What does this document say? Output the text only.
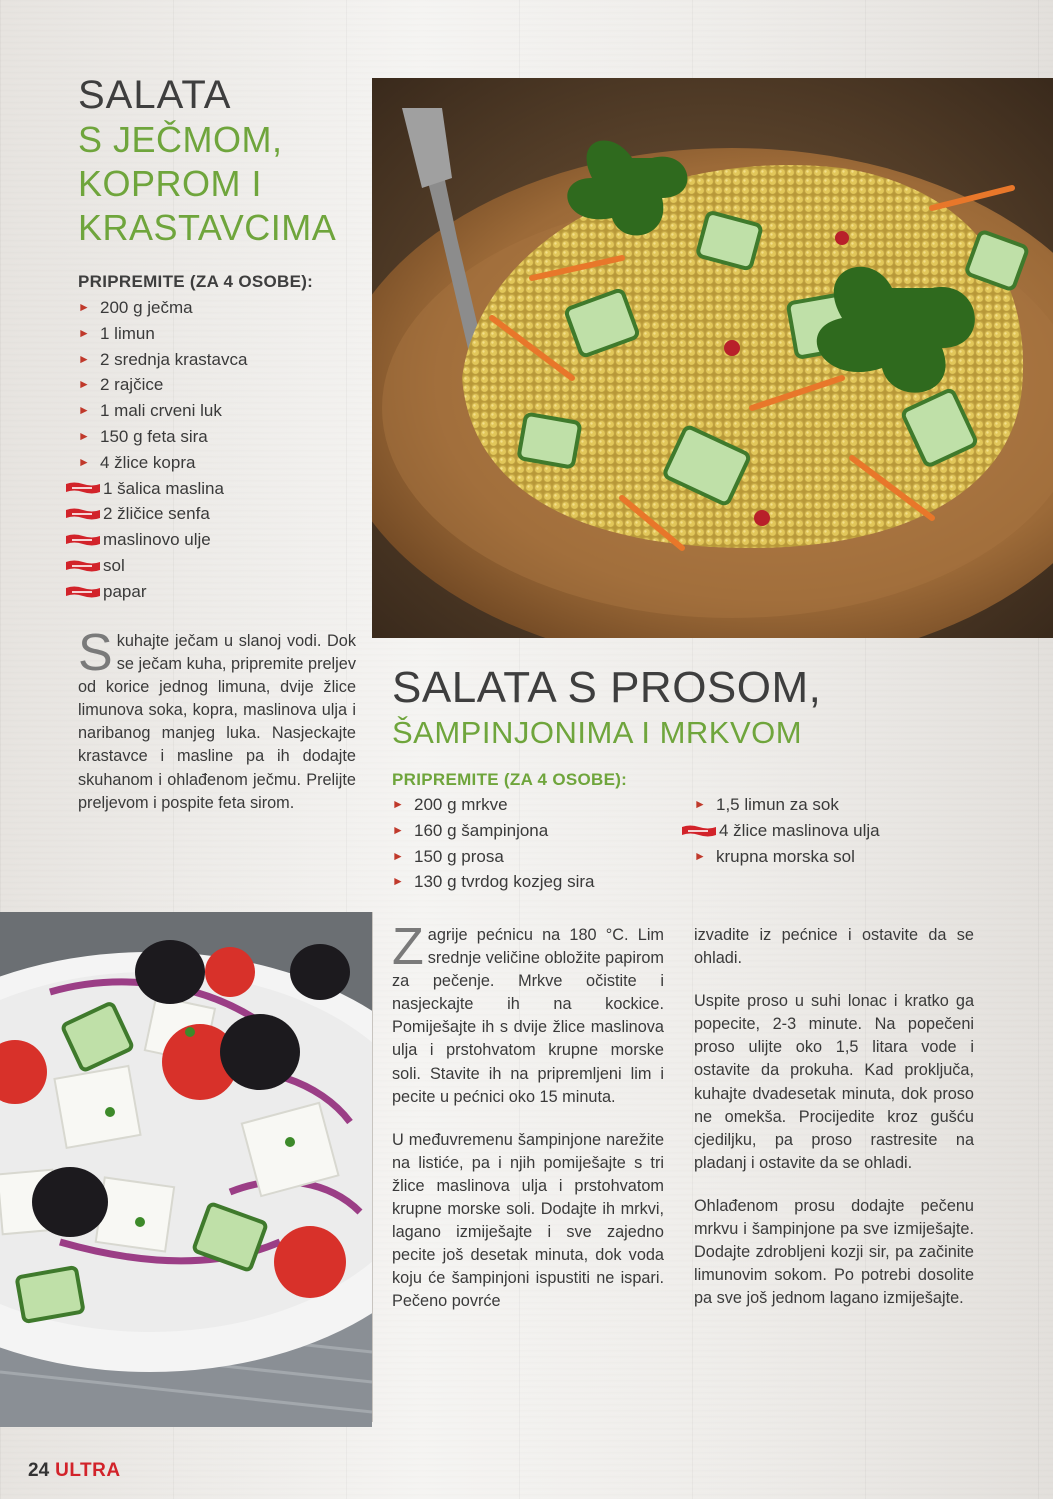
SALATA
S JEČMOM,
KOPROM I
KRASTAVCIMA
PRIPREMITE (ZA 4 OSOBE):
► 200 g ječma
► 1 limun
► 2 srednja krastavca
► 2 rajčice
► 1 mali crveni luk
► 150 g feta sira
► 4 žlice kopra
1 šalica maslina
2 žličice senfa
maslinovo ulje
sol
papar
Skuhajte ječam u slanoj vodi. Dok se ječam kuha, pripremite preljev od korice jednog limuna, dvije žlice limunova soka, kopra, maslinova ulja i naribanog manjeg luka. Nasjeckajte krastavce i masline pa ih dodajte skuhanom i ohlađenom ječmu. Prelijte preljevom i pospite feta sirom.
SALATA S PROSOM,
ŠAMPINJONIMA I MRKVOM
PRIPREMITE (ZA 4 OSOBE):
► 200 g mrkve
► 160 g šampinjona
► 150 g prosa
► 130 g tvrdog kozjeg sira
► 1,5 limun za sok
4 žlice maslinova ulja
► krupna morska sol
Zagrije pećnicu na 180 °C. Lim srednje veličine obložite papirom za pečenje. Mrkve očistite i nasjeckajte ih na kockice. Pomiješajte ih s dvije žlice maslinova ulja i prstohvatom krupne morske soli. Stavite ih na pripremljeni lim i pecite u pećnici oko 15 minuta.
U međuvremenu šampinjone narežite na listiće, pa i njih pomiješajte s tri žlice maslinova ulja i prstohvatom krupne morske soli. Dodajte ih mrkvi, lagano izmiješajte i sve zajedno pecite još desetak minuta, dok voda koju će šampinjoni ispustiti ne ispari. Pečeno povrće
izvadite iz pećnice i ostavite da se ohladi.
Uspite proso u suhi lonac i kratko ga popecite, 2-3 minute. Na popečeni proso ulijte oko 1,5 litara vode i ostavite da prokuha. Kad proključa, kuhajte dvadesetak minuta, dok proso ne omekša. Procijedite kroz gušću cjediljku, pa proso rastresite na pladanj i ostavite da se ohladi.
Ohlađenom prosu dodajte pečenu mrkvu i šampinjone pa sve izmiješajte. Dodajte zdrobljeni kozji sir, pa začinite limunovim sokom. Po potrebi dosolite pa sve još jednom lagano izmiješajte.
24 ULTRA
